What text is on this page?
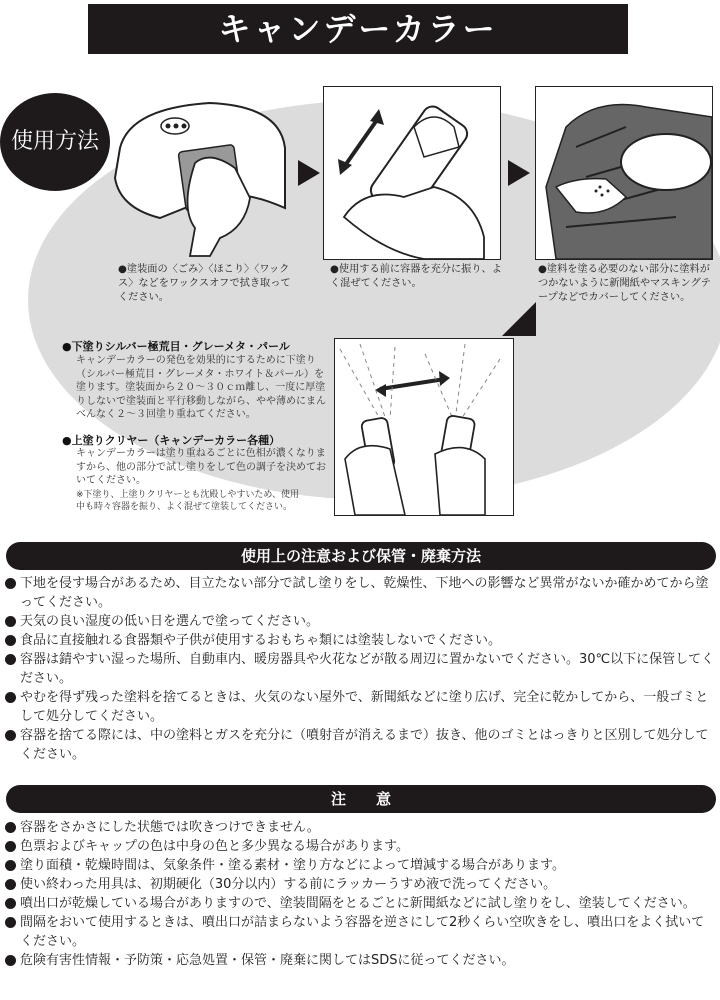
キャンデーカラー
使用方法
●塗装面の〈ごみ〉〈ほこり〉〈ワックス〉などをワックスオフで拭き取ってください。
●使用する前に容器を充分に振り、よく混ぜてください。
●塗料を塗る必要のない部分に塗料がつかないように新聞紙やマスキングテープなどでカバーしてください。
●下塗りシルバー極荒目・グレーメタ・パール
キャンデーカラーの発色を効果的にするために下塗り（シルバー極荒目・グレーメタ・ホワイト＆パール）を塗ります。塗装面から２０～３０ｃｍ離し、一度に厚塗りしないで塗装面と平行移動しながら、やや薄めにまんべんなく２～３回塗り重ねてください。
●上塗りクリヤー（キャンデーカラー各種）
キャンデーカラーは塗り重ねるごとに色相が濃くなりますから、他の部分で試し塗りをして色の調子を決めておいてください。
※下塗り、上塗りクリヤーとも沈殿しやすいため、使用中も時々容器を振り、よく混ぜて塗装してください。
使用上の注意および保管・廃棄方法
下地を侵す場合があるため、目立たない部分で試し塗りをし、乾燥性、下地への影響など異常がないか確かめてから塗ってください。
天気の良い湿度の低い日を選んで塗ってください。
食品に直接触れる食器類や子供が使用するおもちゃ類には塗装しないでください。
容器は錆やすい湿った場所、自動車内、暖房器具や火花などが散る周辺に置かないでください。30℃以下に保管してください。
やむを得ず残った塗料を捨てるときは、火気のない屋外で、新聞紙などに塗り広げ、完全に乾かしてから、一般ゴミとして処分してください。
容器を捨てる際には、中の塗料とガスを充分に（噴射音が消えるまで）抜き、他のゴミとはっきりと区別して処分してください。
注　　意
容器をさかさにした状態では吹きつけできません。
色票およびキャップの色は中身の色と多少異なる場合があります。
塗り面積・乾燥時間は、気象条件・塗る素材・塗り方などによって増減する場合があります。
使い終わった用具は、初期硬化（30分以内）する前にラッカーうすめ液で洗ってください。
噴出口が乾燥している場合がありますので、塗装間隔をとるごとに新聞紙などに試し塗りをし、塗装してください。
間隔をおいて使用するときは、噴出口が詰まらないよう容器を逆さにして2秒くらい空吹きをし、噴出口をよく拭いてください。
危険有害性情報・予防策・応急処置・保管・廃棄に関してはSDSに従ってください。
